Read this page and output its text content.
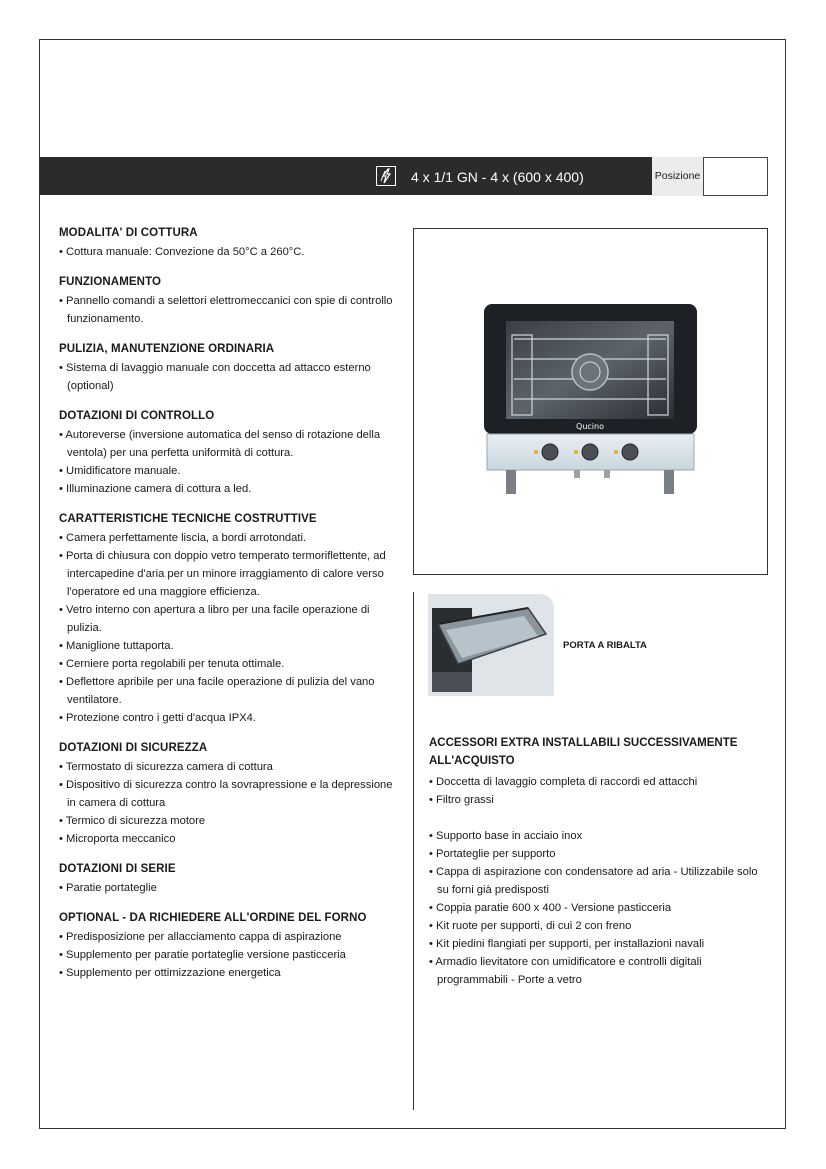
4 x 1/1 GN - 4 x (600 x 400)	Posizione
MODALITA' DI COTTURA
• Cottura manuale: Convezione da 50°C a 260°C.
FUNZIONAMENTO
• Pannello comandi a selettori elettromeccanici con spie di controllo funzionamento.
PULIZIA, MANUTENZIONE ORDINARIA
• Sistema di lavaggio manuale con doccetta ad attacco esterno (optional)
DOTAZIONI DI CONTROLLO
• Autoreverse (inversione automatica del senso di rotazione della ventola) per una perfetta uniformità di cottura.
• Umidificatore manuale.
• Illuminazione camera di cottura a led.
CARATTERISTICHE TECNICHE COSTRUTTIVE
• Camera perfettamente liscia, a bordi arrotondati.
• Porta di chiusura con doppio vetro temperato termoriflettente, ad intercapedine d'aria per un minore irraggiamento di calore verso l'operatore ed una maggiore efficienza.
• Vetro interno con apertura a libro per una facile operazione di pulizia.
• Maniglione tuttaporta.
• Cerniere porta regolabili per tenuta ottimale.
• Deflettore apribile per una facile operazione di pulizia del vano ventilatore.
• Protezione contro i getti d'acqua IPX4.
DOTAZIONI DI SICUREZZA
• Termostato di sicurezza camera di cottura
• Dispositivo di sicurezza contro la sovrapressione e la depressione in camera di cottura
• Termico di sicurezza motore
• Microporta meccanico
DOTAZIONI DI SERIE
• Paratie portateglie
OPTIONAL - DA RICHIEDERE ALL'ORDINE DEL FORNO
• Predisposizione per allacciamento cappa di aspirazione
• Supplemento per paratie portateglie versione pasticceria
• Supplemento per ottimizzazione energetica
Qucino
PORTA A RIBALTA
ACCESSORI EXTRA INSTALLABILI SUCCESSIVAMENTE ALL'ACQUISTO
• Doccetta di lavaggio completa di raccordi ed attacchi
• Filtro grassi
• Supporto base in acciaio inox
• Portateglie per supporto
• Cappa di aspirazione con condensatore ad aria - Utilizzabile solo su forni già predisposti
• Coppia paratie 600 x 400 - Versione pasticceria
• Kit ruote per supporti, di cui 2 con freno
• Kit piedini flangiati per supporti, per installazioni navali
• Armadio lievitatore con umidificatore e controlli digitali programmabili - Porte a vetro
